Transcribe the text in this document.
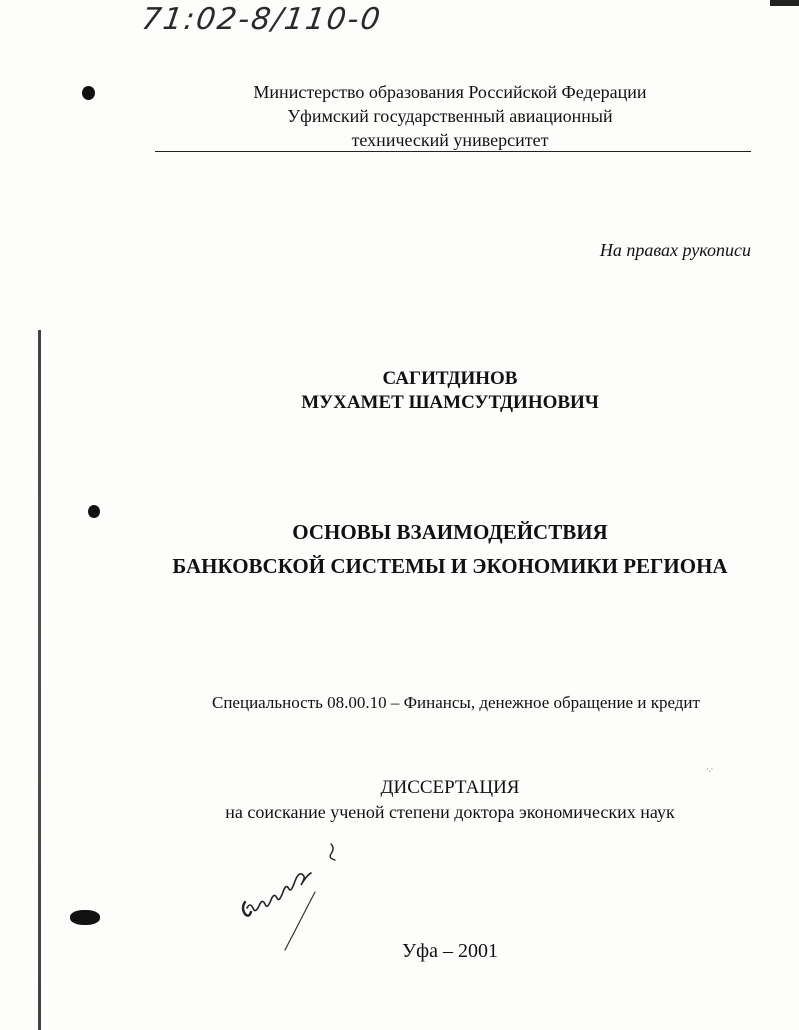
71:02-8/110-0
Министерство образования Российской Федерации
Уфимский государственный авиационный
технический университет
На правах рукописи
САГИТДИНОВ
МУХАМЕТ ШАМСУТДИНОВИЧ
ОСНОВЫ ВЗАИМОДЕЙСТВИЯ
БАНКОВСКОЙ СИСТЕМЫ И ЭКОНОМИКИ РЕГИОНА
Специальность 08.00.10 – Финансы, денежное обращение и кредит
ДИССЕРТАЦИЯ
на соискание ученой степени доктора экономических наук
·.·
Уфа – 2001
